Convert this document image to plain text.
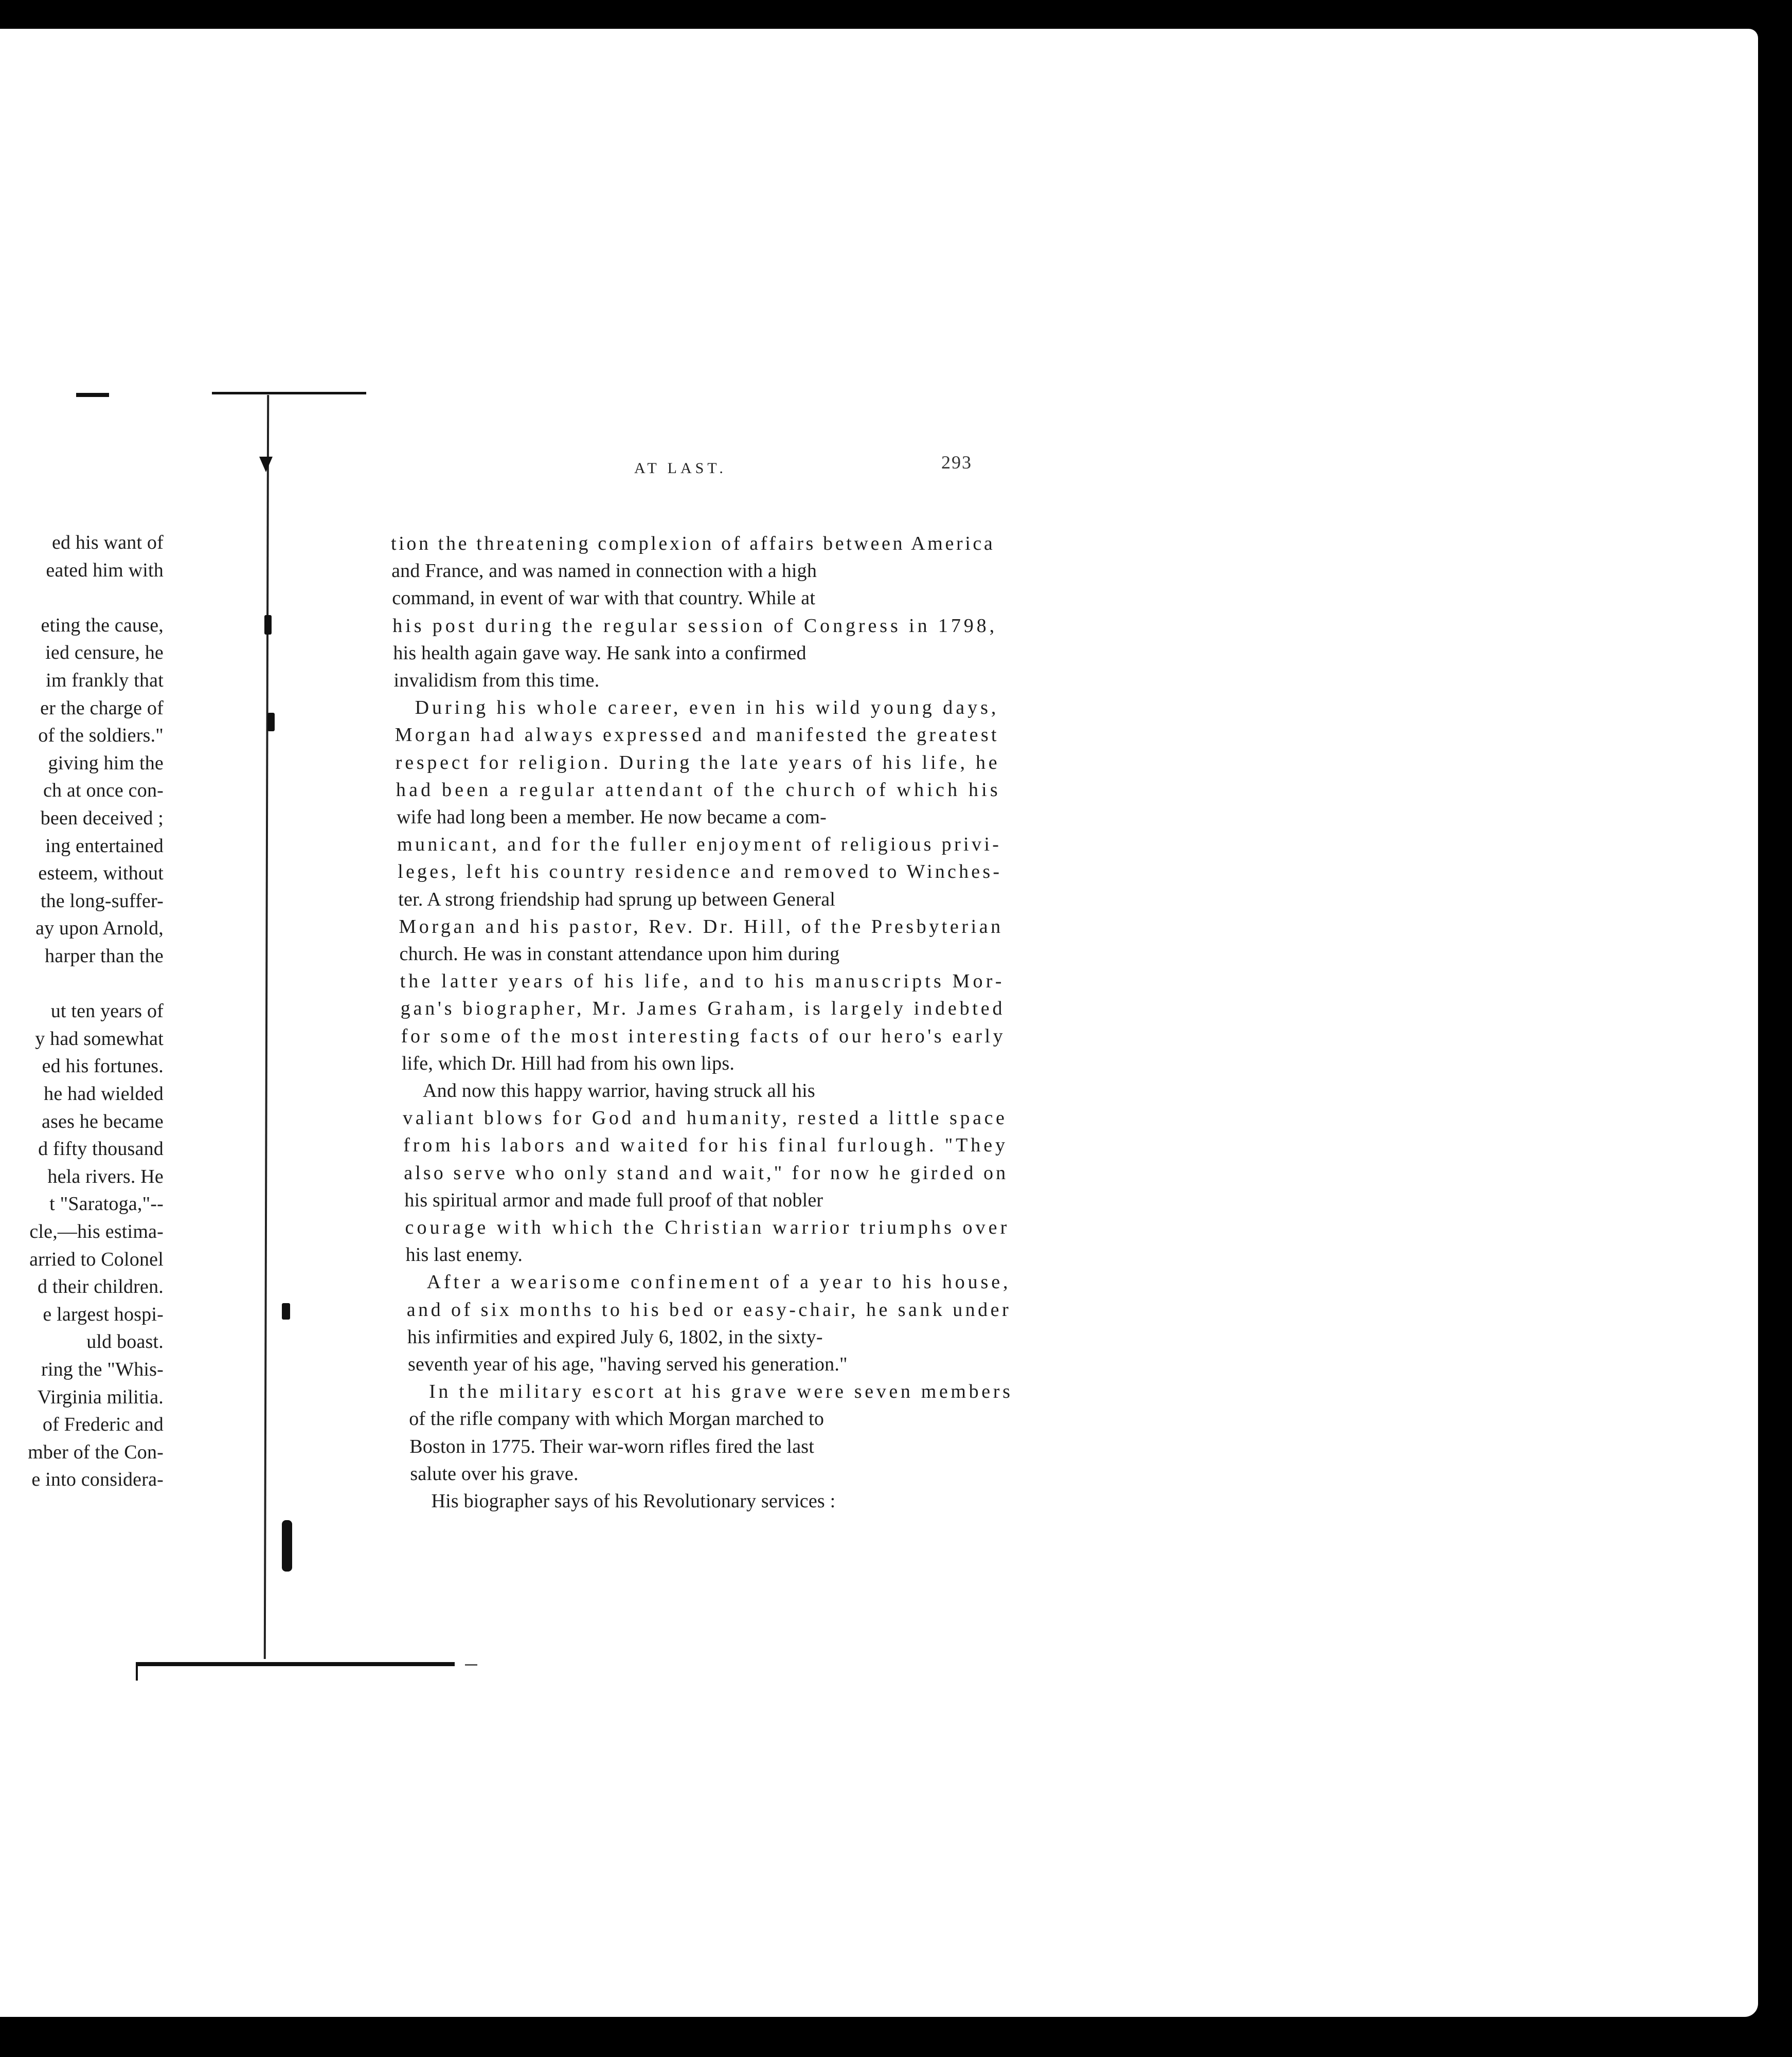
AT LAST.	293
ed his want of
eated him with
eting the cause,
ied censure, he
im frankly that
er the charge of
of the soldiers."
giving him the
ch at once con-
been deceived ;
ing entertained
esteem, without
the long-suffer-
ay upon Arnold,
harper than the
ut ten years of
y had somewhat
ed his fortunes.
he had wielded
ases he became
d fifty thousand
hela rivers. He
t "Saratoga,"--
cle,—his estima-
arried to Colonel
d their children.
e largest hospi-
uld boast.
ring the "Whis-
Virginia militia.
of Frederic and
mber of the Con-
e into considera-
tion the threatening complexion of affairs between America
and France, and was named in connection with a high
command, in event of war with that country. While at
his post during the regular session of Congress in 1798,
his health again gave way. He sank into a confirmed
invalidism from this time.
During his whole career, even in his wild young days,
Morgan had always expressed and manifested the greatest
respect for religion. During the late years of his life, he
had been a regular attendant of the church of which his
wife had long been a member. He now became a com-
municant, and for the fuller enjoyment of religious privi-
leges, left his country residence and removed to Winches-
ter. A strong friendship had sprung up between General
Morgan and his pastor, Rev. Dr. Hill, of the Presbyterian
church. He was in constant attendance upon him during
the latter years of his life, and to his manuscripts Mor-
gan's biographer, Mr. James Graham, is largely indebted
for some of the most interesting facts of our hero's early
life, which Dr. Hill had from his own lips.
And now this happy warrior, having struck all his
valiant blows for God and humanity, rested a little space
from his labors and waited for his final furlough. "They
also serve who only stand and wait," for now he girded on
his spiritual armor and made full proof of that nobler
courage with which the Christian warrior triumphs over
his last enemy.
After a wearisome confinement of a year to his house,
and of six months to his bed or easy-chair, he sank under
his infirmities and expired July 6, 1802, in the sixty-
seventh year of his age, "having served his generation."
In the military escort at his grave were seven members
of the rifle company with which Morgan marched to
Boston in 1775. Their war-worn rifles fired the last
salute over his grave.
His biographer says of his Revolutionary services :
